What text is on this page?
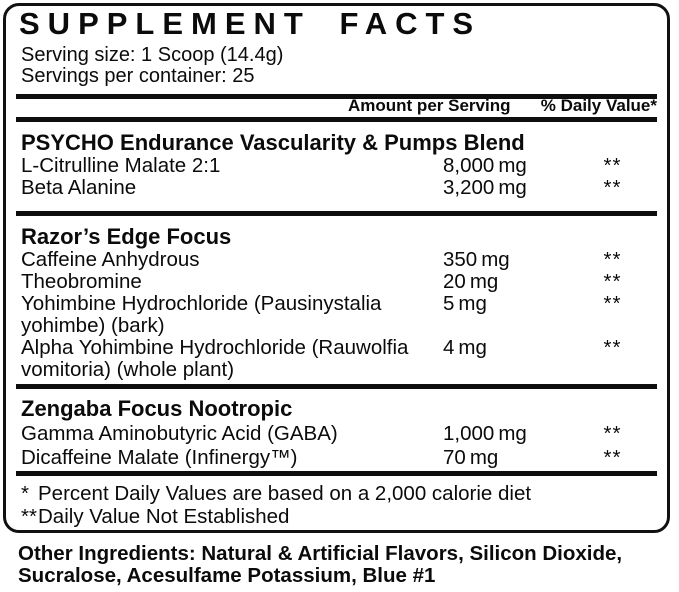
SUPPLEMENT FACTS
Serving size: 1 Scoop (14.4g)
Servings per container: 25
Amount per Serving % Daily Value*
PSYCHO Endurance Vascularity & Pumps Blend
L-Citrulline Malate 2:1	8,000 mg	**
Beta Alanine	3,200 mg	**
Razor’s Edge Focus
Caffeine Anhydrous	350 mg	**
Theobromine	20 mg	**
Yohimbine Hydrochloride (Pausinystalia yohimbe) (bark)
5 mg	**
Alpha Yohimbine Hydrochloride (Rauwolfia vomitoria) (whole plant)
4 mg	**
Zengaba Focus Nootropic
Gamma Aminobutyric Acid (GABA)	1,000 mg	**
Dicaffeine Malate (Infinergy™)	70 mg	**
* Percent Daily Values are based on a 2,000 calorie diet
**Daily Value Not Established

Other Ingredients: Natural & Artificial Flavors, Silicon Dioxide, Sucralose, Acesulfame Potassium, Blue #1
